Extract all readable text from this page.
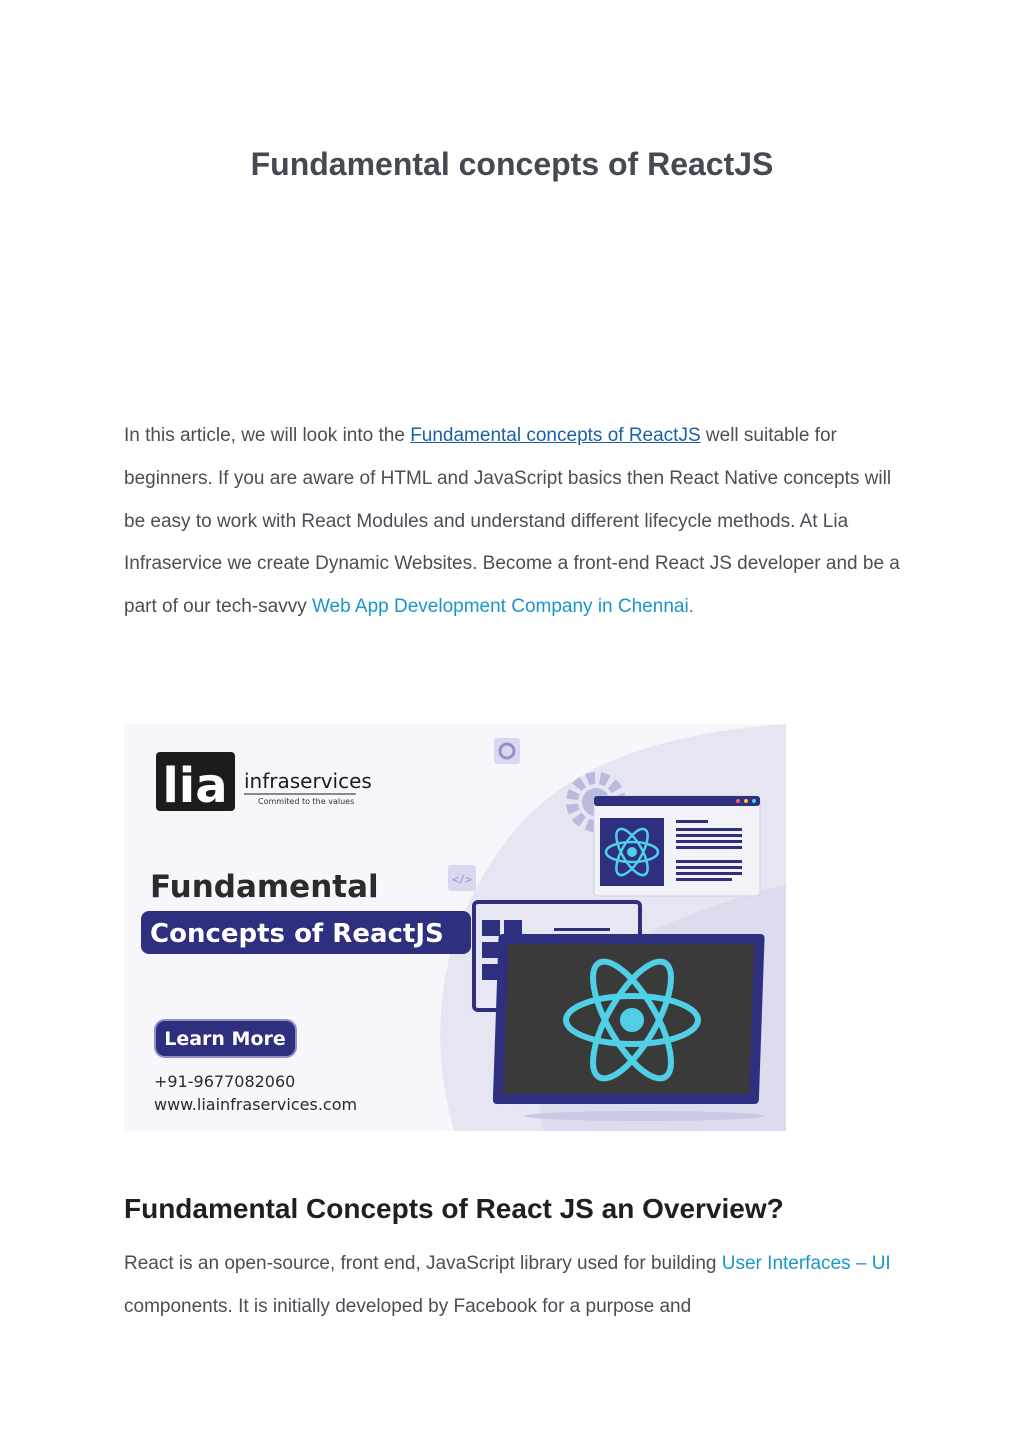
Fundamental concepts of ReactJS

In this article, we will look into the Fundamental concepts of ReactJS well suitable for beginners. If you are aware of HTML and JavaScript basics then React Native concepts will be easy to work with React Modules and understand different lifecycle methods. At Lia Infraservice we create Dynamic Websites. Become a front-end React JS developer and be a part of our tech-savvy Web App Development Company in Chennai.

lia infraservices
Commited to the values
</>
Fundamental
Concepts of ReactJS
Learn More
+91-9677082060
www.liainfraservices.com
Fundamental Concepts of React JS an Overview?

React is an open-source, front end, JavaScript library used for building User Interfaces – UI components. It is initially developed by Facebook for a purpose and
